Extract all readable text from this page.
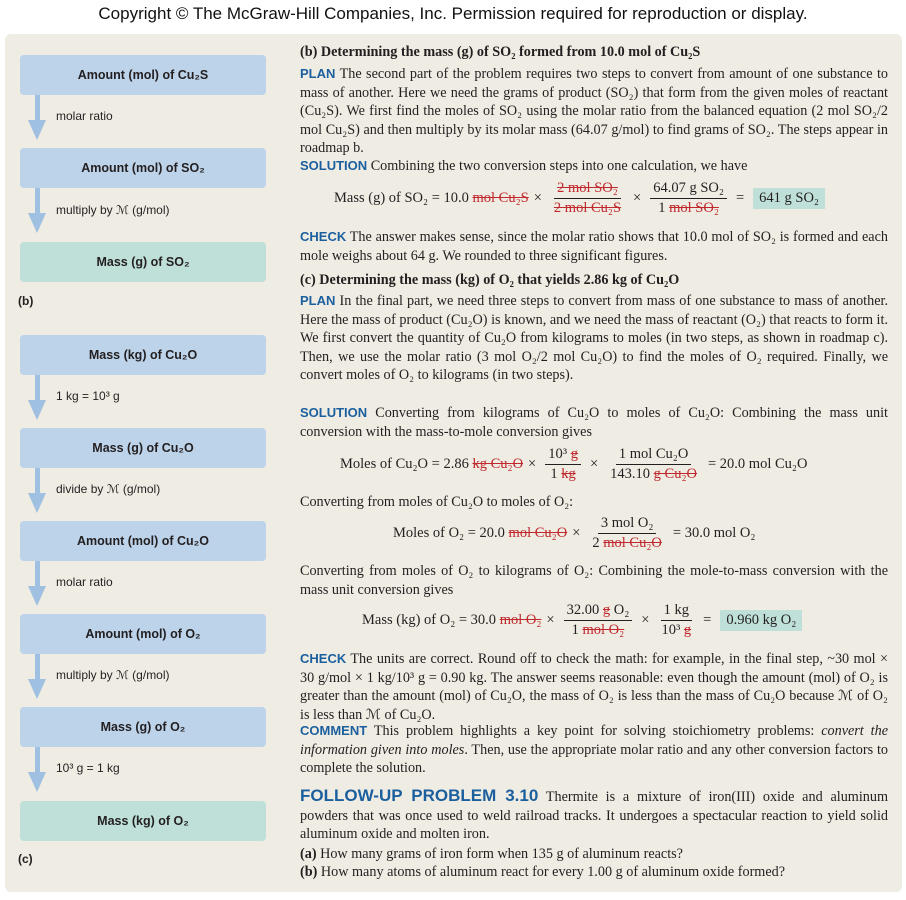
Copyright © The McGraw-Hill Companies, Inc. Permission required for reproduction or display.
Amount (mol) of Cu₂S
molar ratio
Amount (mol) of SO₂
multiply by ℳ (g/mol)
Mass (g) of SO₂
(b)
Mass (kg) of Cu₂O
1 kg = 10³ g
Mass (g) of Cu₂O
divide by ℳ (g/mol)
Amount (mol) of Cu₂O
molar ratio
Amount (mol) of O₂
multiply by ℳ (g/mol)
Mass (g) of O₂
10³ g = 1 kg
Mass (kg) of O₂
(c)
(b) Determining the mass (g) of SO₂ formed from 10.0 mol of Cu₂S
PLAN The second part of the problem requires two steps to convert from amount of one substance to mass of another. Here we need the grams of product (SO₂) that form from the given moles of reactant (Cu₂S). We first find the moles of SO₂ using the molar ratio from the balanced equation (2 mol SO₂/2 mol Cu₂S) and then multiply by its molar mass (64.07 g/mol) to find grams of SO₂. The steps appear in roadmap b.
SOLUTION Combining the two conversion steps into one calculation, we have
Mass (g) of SO₂ = 10.0
mol $Cu_2S \times \frac{\text{2 mol SO₂}}{\text{2 mol Cu₂S}} \times \frac{\text{64.07 g SO₂}}{\text{1 mol SO₂}}$ =	641 g SO₂
CHECK The answer makes sense, since the molar ratio shows that 10.0 mol of SO₂ is formed and each mole weighs about 64 g. We rounded to three significant figures.
(c) Determining the mass (kg) of O₂ that yields 2.86 kg of Cu₂O
PLAN In the final part, we need three steps to convert from mass of one substance to mass of another. Here the mass of product (Cu₂O) is known, and we need the mass of reactant (O₂) that reacts to form it. We first convert the quantity of Cu₂O from kilograms to moles (in two steps, as shown in roadmap c). Then, we use the molar ratio (3 mol O₂/2 mol Cu₂O) to find the moles of O₂ required. Finally, we convert moles of O₂ to kilograms (in two steps).
SOLUTION Converting from kilograms of Cu₂O to moles of Cu₂O: Combining the mass unit conversion with the mass-to-mole conversion gives
Moles of Cu₂O = 2.86
kg $Cu_2O \times \frac{\text{10³ g}}{1 kg} \times \frac{\text{1 mol Cu₂O}}{\text{143.10 g Cu₂O}} = 20.0$ mol Cu₂O
Converting from moles of Cu₂O to moles of O₂:
Moles of O₂ = 20.0
mol $Cu_2O \times \frac{\text{3 mol O₂}}{\text{2 mol Cu₂O}} = 30.0$ mol O₂
Converting from moles of O₂ to kilograms of O₂: Combining the mole-to-mass conversion with the mass unit conversion gives
Mass (kg) of O₂ = 30.0
mol $O_2 \times \frac{\text{32.00 g O₂}}{\text{1 mol O₂}} \times \frac{1 kg}{\text{10³ g}}$ =	0.960 kg O₂
CHECK The units are correct. Round off to check the math: for example, in the final step, ~30 mol × 30 g/mol × 1 kg/10³ g = 0.90 kg. The answer seems reasonable: even though the amount (mol) of O₂ is greater than the amount (mol) of Cu₂O, the mass of O₂ is less than the mass of Cu₂O because ℳ of O₂ is less than ℳ of Cu₂O.
COMMENT This problem highlights a key point for solving stoichiometry problems: convert the information given into moles. Then, use the appropriate molar ratio and any other conversion factors to complete the solution.
FOLLOW-UP PROBLEM 3.10 Thermite is a mixture of iron(III) oxide and aluminum powders that was once used to weld railroad tracks. It undergoes a spectacular reaction to yield solid aluminum oxide and molten iron.
(a) How many grams of iron form when 135 g of aluminum reacts?
(b) How many atoms of aluminum react for every 1.00 g of aluminum oxide formed?
